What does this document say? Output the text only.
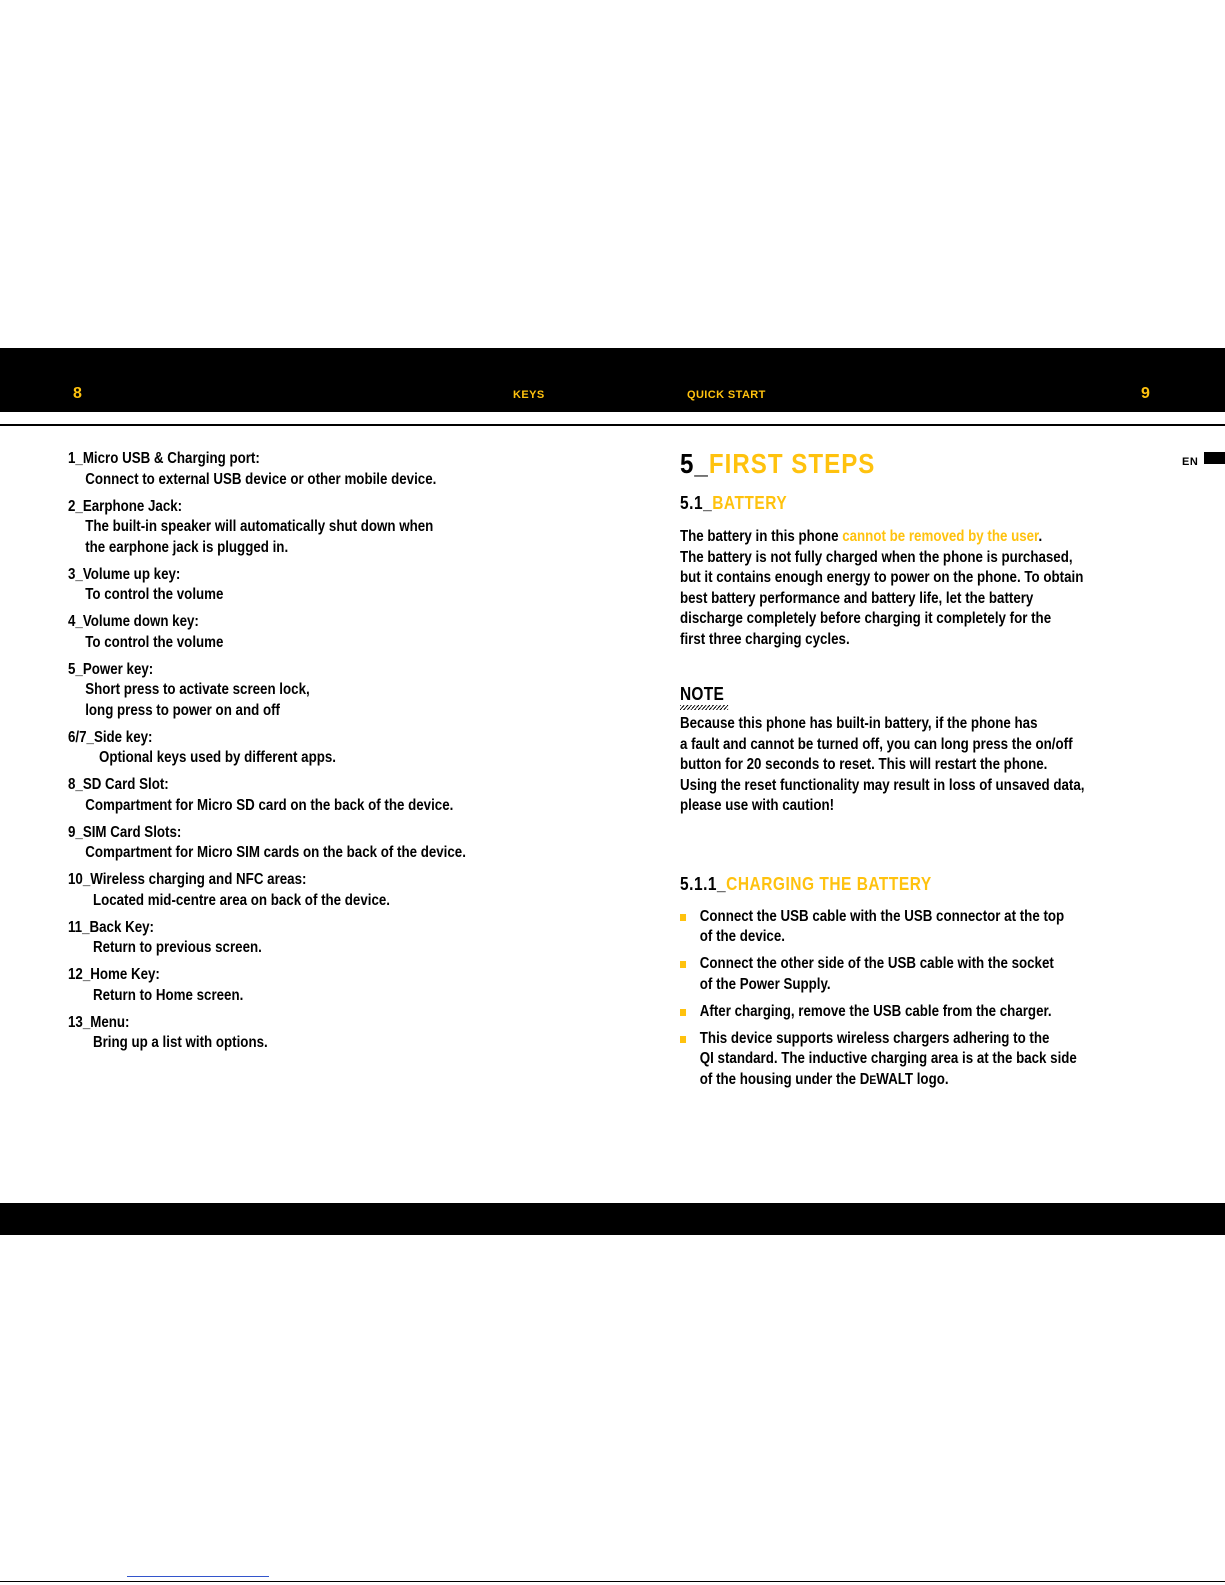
8	KEYS	QUICK START	9
EN
1_Micro USB & Charging port:
Connect to external USB device or other mobile device.
2_Earphone Jack:
The built-in speaker will automatically shut down when
the earphone jack is plugged in.
3_Volume up key:
To control the volume
4_Volume down key:
To control the volume
5_Power key:
Short press to activate screen lock,
long press to power on and off
6/7_Side key:
Optional keys used by different apps.
8_SD Card Slot:
Compartment for Micro SD card on the back of the device.
9_SIM Card Slots:
Compartment for Micro SIM cards on the back of the device.
10_Wireless charging and NFC areas:
Located mid-centre area on back of the device.
11_Back Key:
Return to previous screen.
12_Home Key:
Return to Home screen.
13_Menu:
Bring up a list with options.
5_FIRST STEPS
5.1_BATTERY

The battery in this phone cannot be removed by the user.
The battery is not fully charged when the phone is purchased,
but it contains enough energy to power on the phone. To obtain
best battery performance and battery life, let the battery
discharge completely before charging it completely for the
first three charging cycles.

NOTE

Because this phone has built-in battery, if the phone has
a fault and cannot be turned off, you can long press the on/off
button for 20 seconds to reset. This will restart the phone.
Using the reset functionality may result in loss of unsaved data,
please use with caution!

5.1.1_CHARGING THE BATTERY
Connect the USB cable with the USB connector at the top
of the device.
Connect the other side of the USB cable with the socket
of the Power Supply.
After charging, remove the USB cable from the charger.
This device supports wireless chargers adhering to the
QI standard. The inductive charging area is at the back side
of the housing under the DEWALT logo.
